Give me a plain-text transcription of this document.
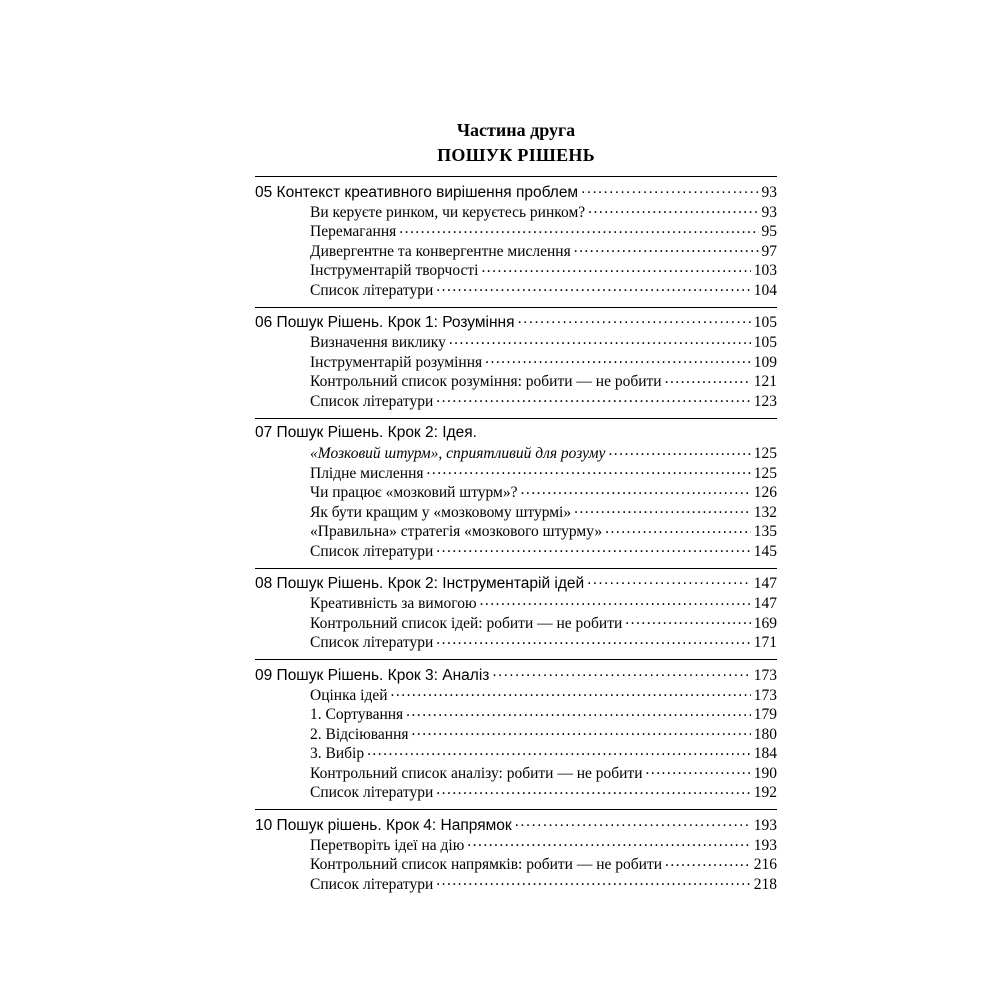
Частина друга
ПОШУК РІШЕНЬ
05 Контекст креативного вирішення проблем . . .	93
Ви керуєте ринком, чи керуєтесь ринком? . . .	93
Перемагання . . .	95
Дивергентне та конвергентне мислення . . .	97
Інструментарій творчості . . .	103
Список літератури . . .	104
06 Пошук Рішень. Крок 1: Розуміння . . .	105
Визначення виклику . . .	105
Інструментарій розуміння . . .	109
Контрольний список розуміння: робити — не робити . . .	121
Список літератури . . .	123
07 Пошук Рішень. Крок 2: Ідея.
«Мозковий штурм», сприятливий для розуму . . .	125
Плідне мислення . . .	125
Чи працює «мозковий штурм»? . . .	126
Як бути кращим у «мозковому штурмі» . . .	132
«Правильна» стратегія «мозкового штурму» . . .	135
Список літератури . . .	145
08 Пошук Рішень. Крок 2: Інструментарій ідей . . .	147
Креативність за вимогою . . .	147
Контрольний список ідей: робити — не робити . . .	169
Список літератури . . .	171
09 Пошук Рішень. Крок 3: Аналіз . . .	173
Оцінка ідей . . .	173
1. Сортування . . .	179
2. Відсіювання . . .	180
3. Вибір . . .	184
Контрольний список аналізу: робити — не робити . . .	190
Список літератури . . .	192
10 Пошук рішень. Крок 4: Напрямок . . .	193
Перетворіть ідеї на дію . . .	193
Контрольний список напрямків: робити — не робити . . .	216
Список літератури . . .	218
